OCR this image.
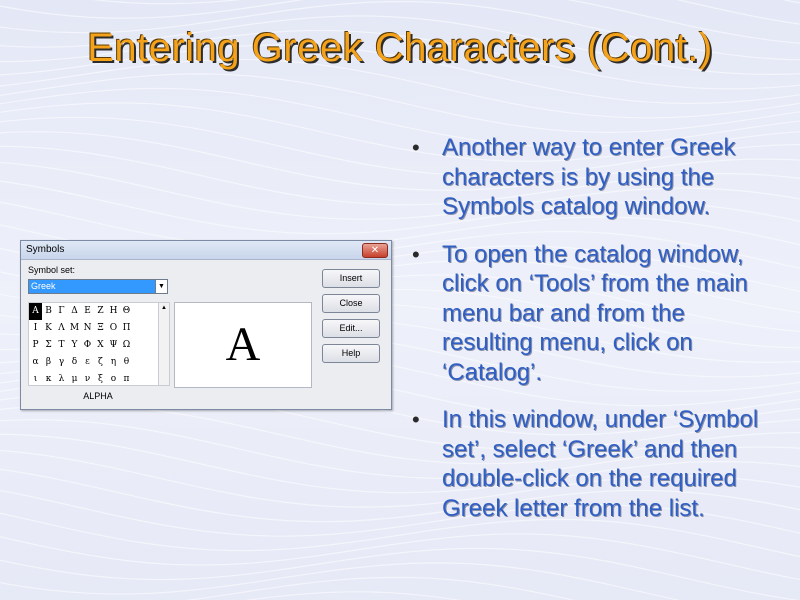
Entering Greek Characters (Cont.)
• Another way to enter Greek characters is by using the Symbols catalog window.
• To open the catalog window, click on ‘Tools’ from the main menu bar and from the resulting menu, click on ‘Catalog’.
• In this window, under ‘Symbol set’, select ‘Greek’ and then double-click on the required Greek letter from the list.
Symbols	✕
Symbol set:
Greek	▼
Α Β Γ Δ Ε Ζ Η Θ
Ι Κ Λ Μ Ν Ξ Ο Π
Ρ Σ Τ Υ Φ Χ Ψ Ω
α β γ δ ε ζ η θ
ι κ λ μ ν ξ ο π
▲
ALPHA
A
Insert
Close
Edit...
Help
